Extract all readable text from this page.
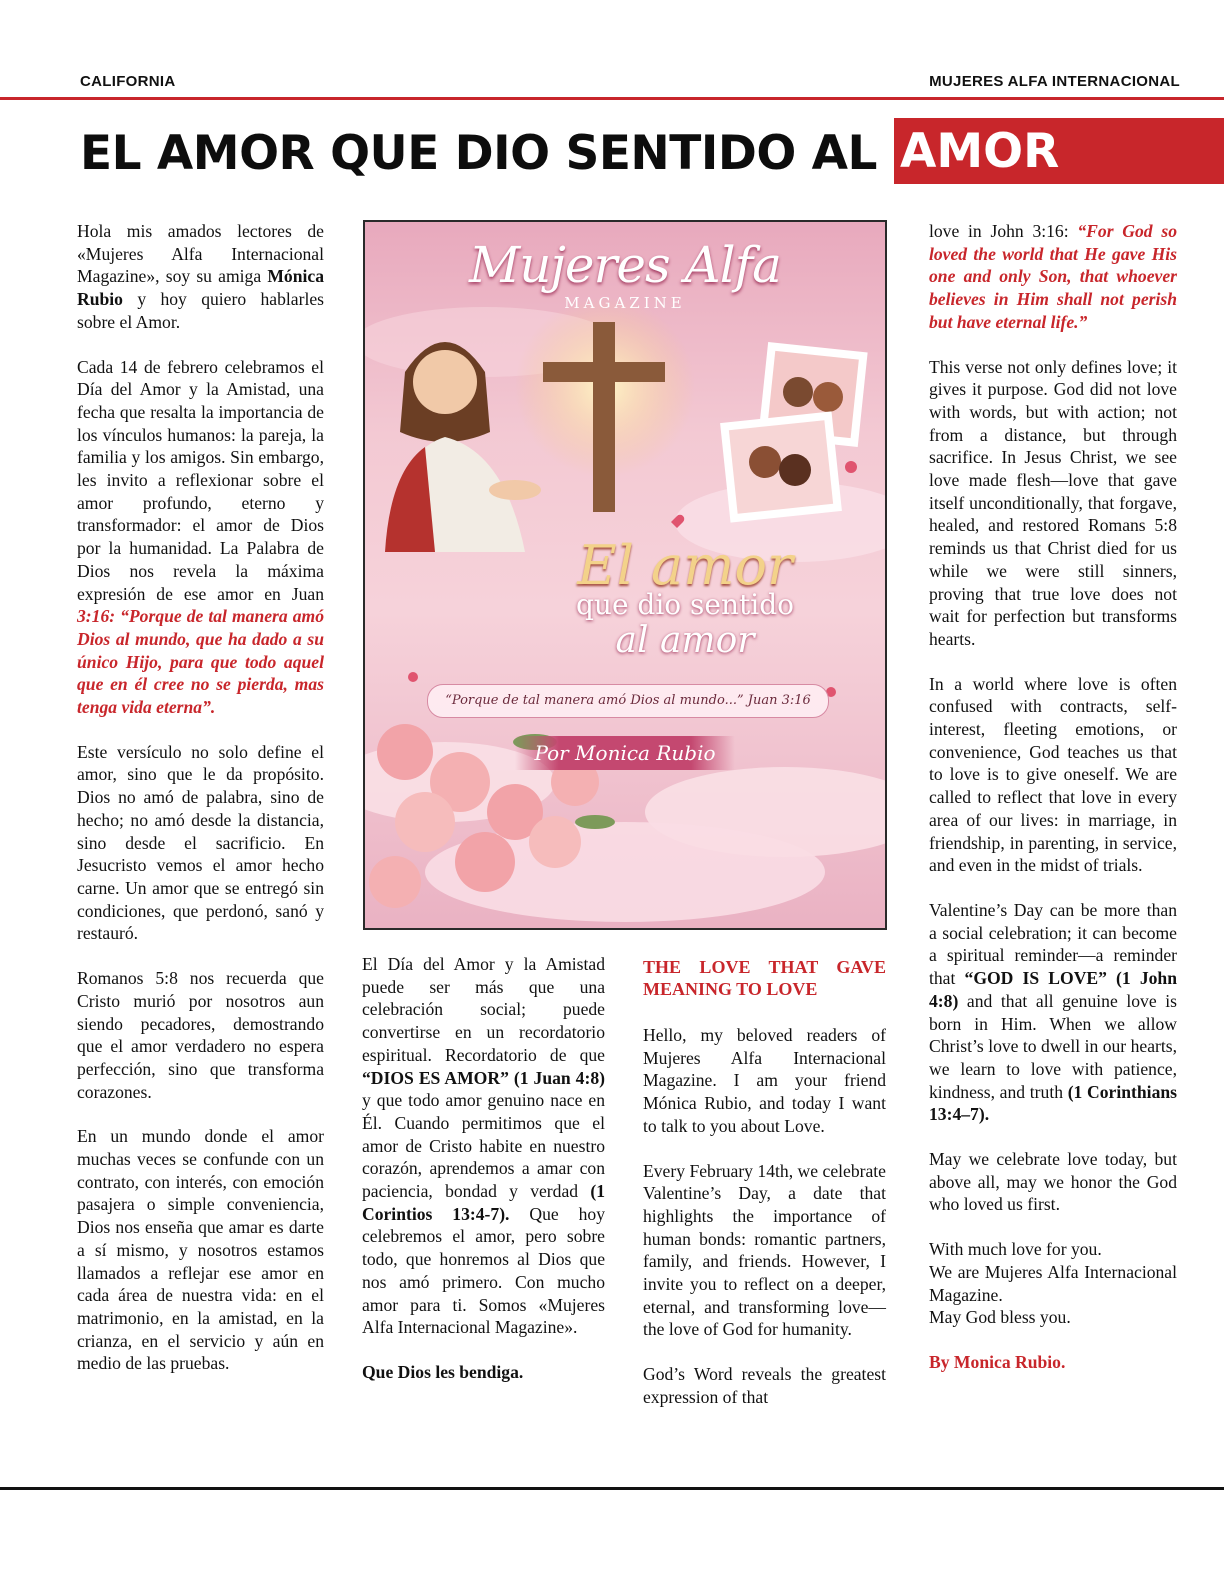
CALIFORNIA	MUJERES ALFA INTERNACIONAL
EL AMOR QUE DIO SENTIDO AL AMOR

Hola mis amados lectores de «Mujeres Alfa Internacional Magazine», soy su amiga Mónica Rubio y hoy quiero hablarles sobre el Amor.

Cada 14 de febrero celebramos el Día del Amor y la Amistad, una fecha que resalta la importancia de los vínculos humanos: la pareja, la familia y los amigos. Sin embargo, les invito a reflexionar sobre el amor profundo, eterno y transformador: el amor de Dios por la humanidad. La Palabra de Dios nos revela la máxima expresión de ese amor en Juan 3:16: “Porque de tal manera amó Dios al mundo, que ha dado a su único Hijo, para que todo aquel que en él cree no se pierda, mas tenga vida eterna”.

Este versículo no solo define el amor, sino que le da propósito. Dios no amó de palabra, sino de hecho; no amó desde la distancia, sino desde el sacrificio. En Jesucristo vemos el amor hecho carne. Un amor que se entregó sin condiciones, que perdonó, sanó y restauró.

Romanos 5:8 nos recuerda que Cristo murió por nosotros aun siendo pecadores, demostrando que el amor verdadero no espera perfección, sino que transforma corazones.

En un mundo donde el amor muchas veces se confunde con un contrato, con interés, con emoción pasajera o simple conveniencia, Dios nos enseña que amar es darte a sí mismo, y nosotros estamos llamados a reflejar ese amor en cada área de nuestra vida: en el matrimonio, en la amistad, en la crianza, en el servicio y aún en medio de las pruebas.

Mujeres Alfa
MAGAZINE
El amor
que dio sentido
al amor
“Porque de tal manera amó Dios al mundo...” Juan 3:16
Por Monica Rubio

El Día del Amor y la Amistad puede ser más que una celebración social; puede convertirse en un recordatorio espiritual. Recordatorio de que “DIOS ES AMOR” (1 Juan 4:8) y que todo amor genuino nace en Él. Cuando permitimos que el amor de Cristo habite en nuestro corazón, aprendemos a amar con paciencia, bondad y verdad (1 Corintios 13:4-7). Que hoy celebremos el amor, pero sobre todo, que honremos al Dios que nos amó primero. Con mucho amor para ti. Somos «Mujeres Alfa Internacional Magazine».

Que Dios les bendiga.

THE LOVE THAT GAVE MEANING TO LOVE

Hello, my beloved readers of Mujeres Alfa Internacional Magazine. I am your friend Mónica Rubio, and today I want to talk to you about Love.

Every February 14th, we celebrate Valentine’s Day, a date that highlights the importance of human bonds: romantic partners, family, and friends. However, I invite you to reflect on a deeper, eternal, and transforming love—the love of God for humanity.

God’s Word reveals the greatest expression of that

love in John 3:16: “For God so loved the world that He gave His one and only Son, that whoever believes in Him shall not perish but have eternal life.”

This verse not only defines love; it gives it purpose. God did not love with words, but with action; not from a distance, but through sacrifice. In Jesus Christ, we see love made flesh—love that gave itself unconditionally, that forgave, healed, and restored Romans 5:8 reminds us that Christ died for us while we were still sinners, proving that true love does not wait for perfection but transforms hearts.

In a world where love is often confused with contracts, self-interest, fleeting emotions, or convenience, God teaches us that to love is to give oneself. We are called to reflect that love in every area of our lives: in marriage, in friendship, in parenting, in service, and even in the midst of trials.

Valentine’s Day can be more than a social celebration; it can become a spiritual reminder—a reminder that “GOD IS LOVE” (1 John 4:8) and that all genuine love is born in Him. When we allow Christ’s love to dwell in our hearts, we learn to love with patience, kindness, and truth (1 Corinthians 13:4–7).

May we celebrate love today, but above all, may we honor the God who loved us first.

With much love for you.
We are Mujeres Alfa Internacional Magazine.
May God bless you.

By Monica Rubio.
